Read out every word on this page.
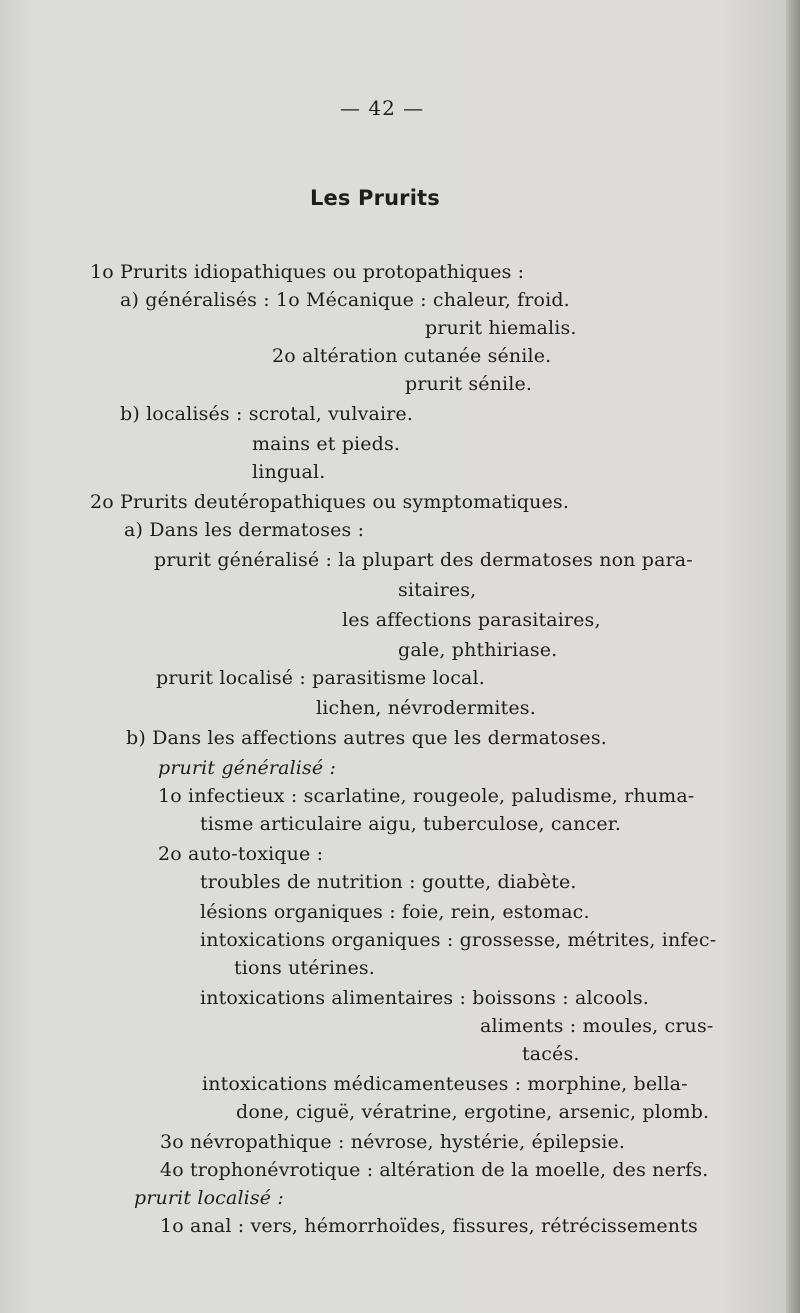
— 42 —
Les Prurits
1o Prurits idiopathiques ou protopathiques :
a) généralisés : 1o Mécanique : chaleur, froid.
prurit hiemalis.
2o altération cutanée sénile.
prurit sénile.
b) localisés : scrotal, vulvaire.
mains et pieds.
lingual.
2o Prurits deutéropathiques ou symptomatiques.
a) Dans les dermatoses :
prurit généralisé : la plupart des dermatoses non para-
sitaires,
les affections parasitaires,
gale, phthiriase.
prurit localisé : parasitisme local.
lichen, névrodermites.
b) Dans les affections autres que les dermatoses.
prurit généralisé :
1o infectieux : scarlatine, rougeole, paludisme, rhuma-
tisme articulaire aigu, tuberculose, cancer.
2o auto-toxique :
troubles de nutrition : goutte, diabète.
lésions organiques : foie, rein, estomac.
intoxications organiques : grossesse, métrites, infec-
tions utérines.
intoxications alimentaires : boissons : alcools.
aliments : moules, crus-
tacés.
intoxications médicamenteuses : morphine, bella-
done, ciguë, vératrine, ergotine, arsenic, plomb.
3o névropathique : névrose, hystérie, épilepsie.
4o trophonévrotique : altération de la moelle, des nerfs.
prurit localisé :
1o anal : vers, hémorrhoïdes, fissures, rétrécissements
